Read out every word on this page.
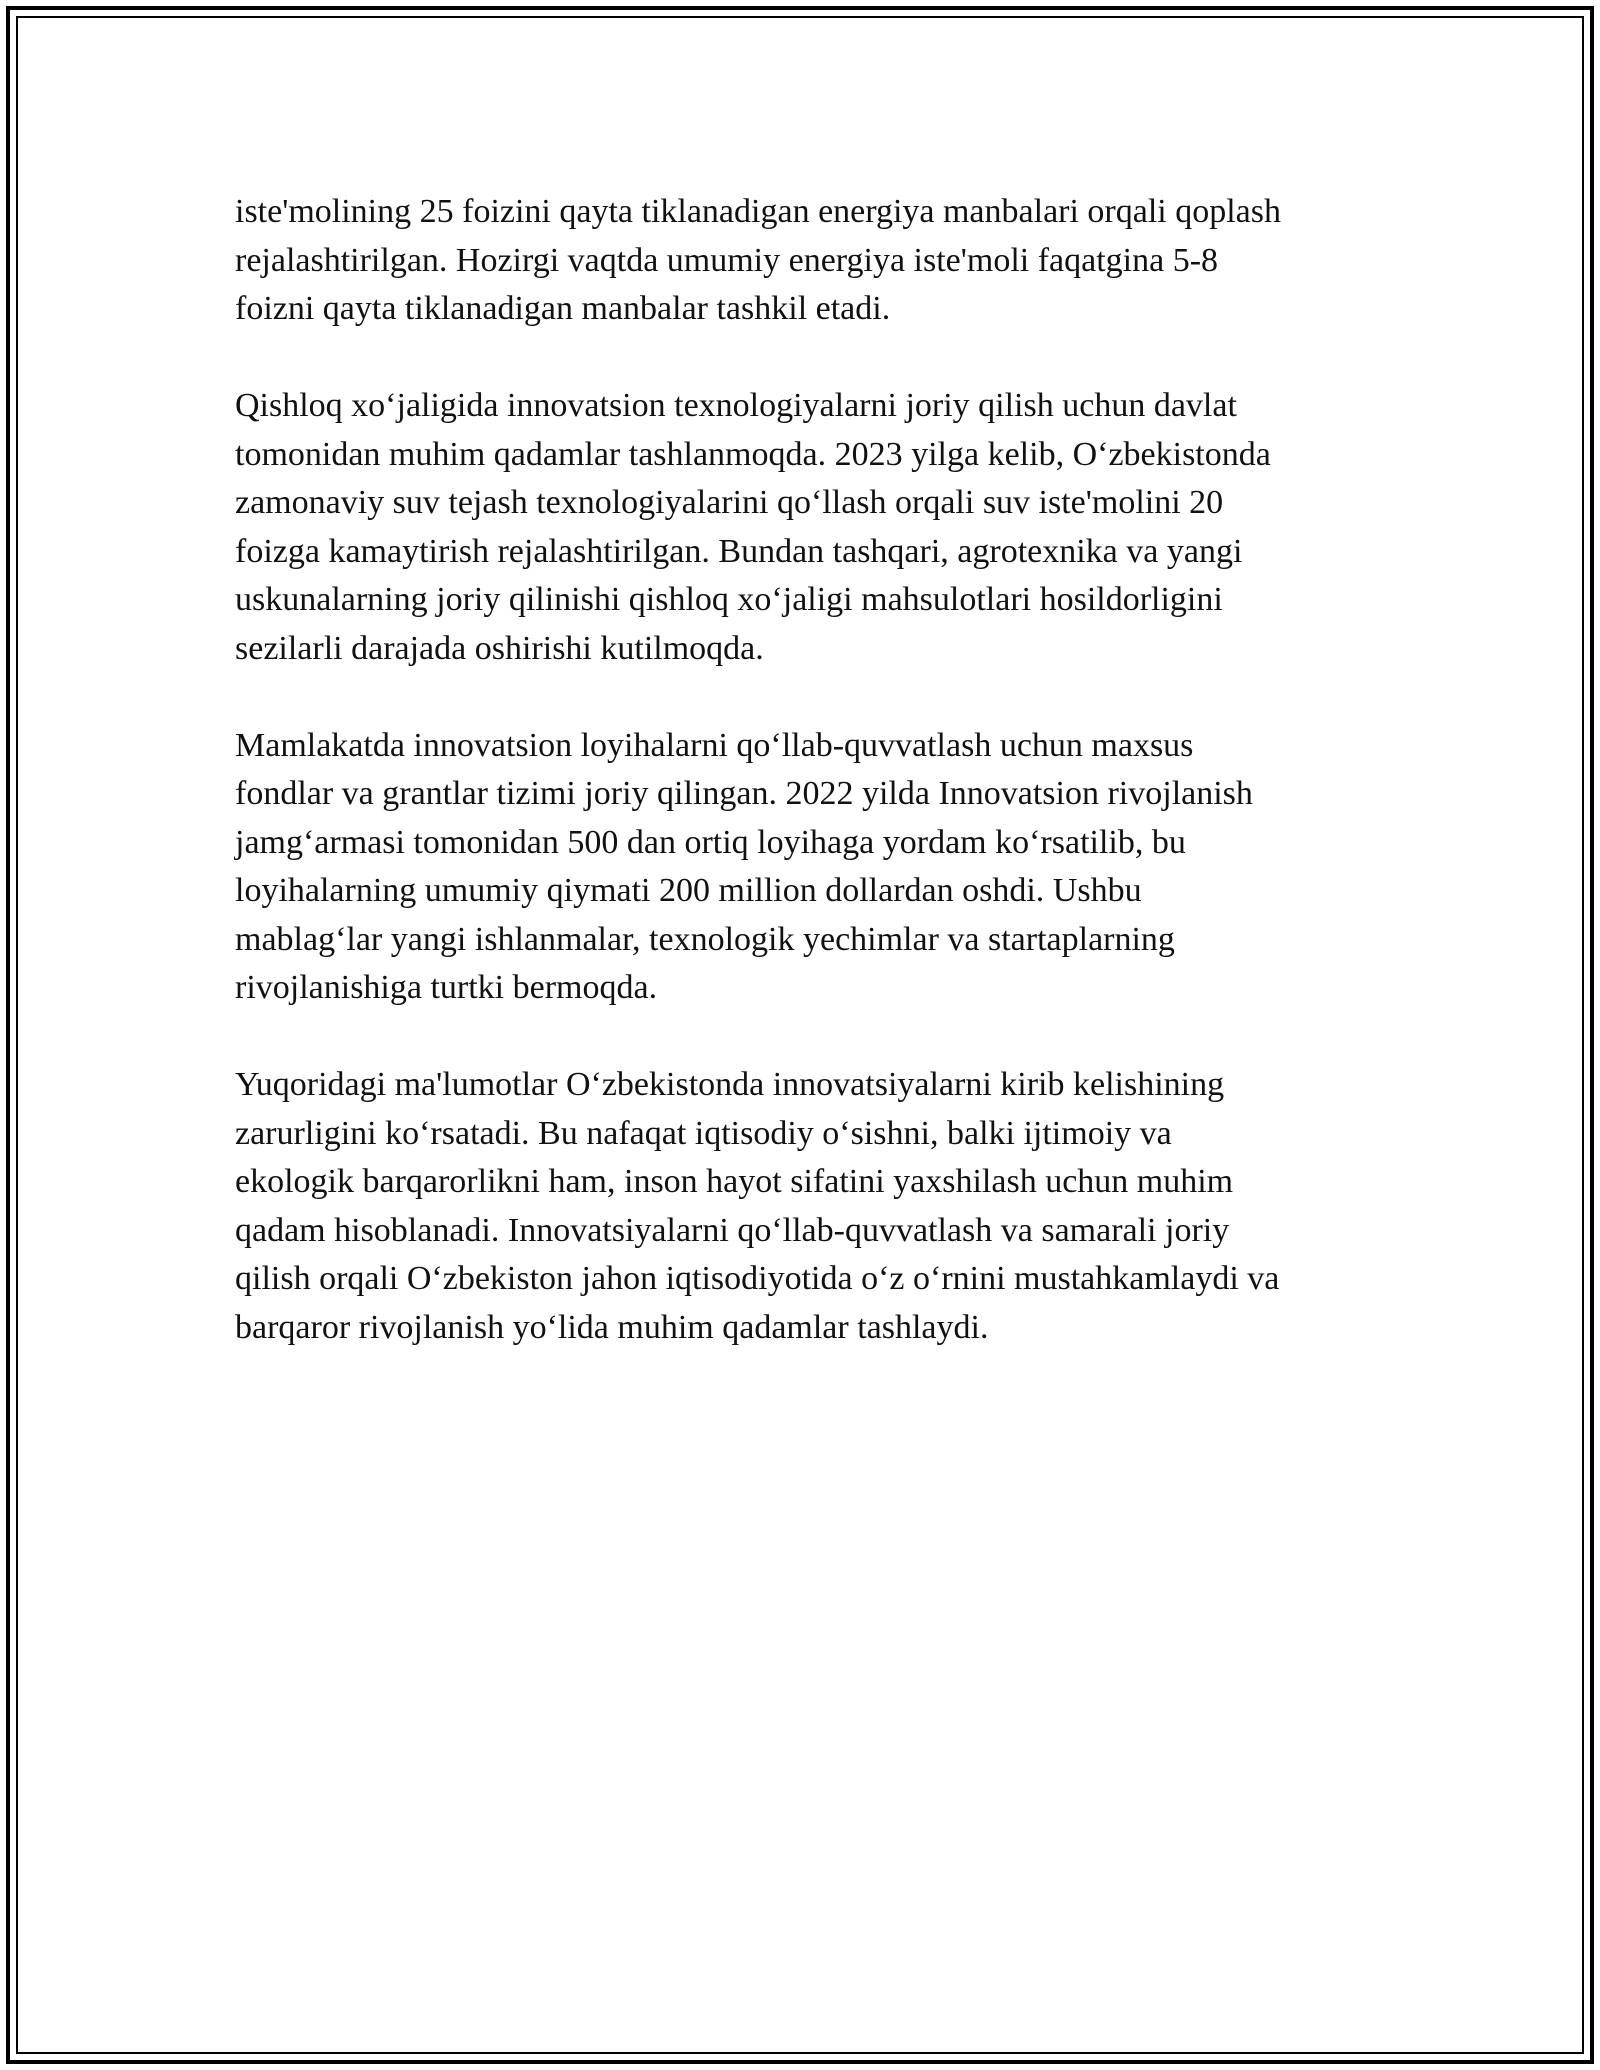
iste'molining 25 foizini qayta tiklanadigan energiya manbalari orqali qoplash
rejalashtirilgan. Hozirgi vaqtda umumiy energiya iste'moli faqatgina 5-8
foizni qayta tiklanadigan manbalar tashkil etadi.

Qishloq xo‘jaligida innovatsion texnologiyalarni joriy qilish uchun davlat
tomonidan muhim qadamlar tashlanmoqda. 2023 yilga kelib, O‘zbekistonda
zamonaviy suv tejash texnologiyalarini qo‘llash orqali suv iste'molini 20
foizga kamaytirish rejalashtirilgan. Bundan tashqari, agrotexnika va yangi
uskunalarning joriy qilinishi qishloq xo‘jaligi mahsulotlari hosildorligini
sezilarli darajada oshirishi kutilmoqda.

Mamlakatda innovatsion loyihalarni qo‘llab-quvvatlash uchun maxsus
fondlar va grantlar tizimi joriy qilingan. 2022 yilda Innovatsion rivojlanish
jamg‘armasi tomonidan 500 dan ortiq loyihaga yordam ko‘rsatilib, bu
loyihalarning umumiy qiymati 200 million dollardan oshdi. Ushbu
mablag‘lar yangi ishlanmalar, texnologik yechimlar va startaplarning
rivojlanishiga turtki bermoqda.

Yuqoridagi ma'lumotlar O‘zbekistonda innovatsiyalarni kirib kelishining
zarurligini ko‘rsatadi. Bu nafaqat iqtisodiy o‘sishni, balki ijtimoiy va
ekologik barqarorlikni ham, inson hayot sifatini yaxshilash uchun muhim
qadam hisoblanadi. Innovatsiyalarni qo‘llab-quvvatlash va samarali joriy
qilish orqali O‘zbekiston jahon iqtisodiyotida o‘z o‘rnini mustahkamlaydi va
barqaror rivojlanish yo‘lida muhim qadamlar tashlaydi.
